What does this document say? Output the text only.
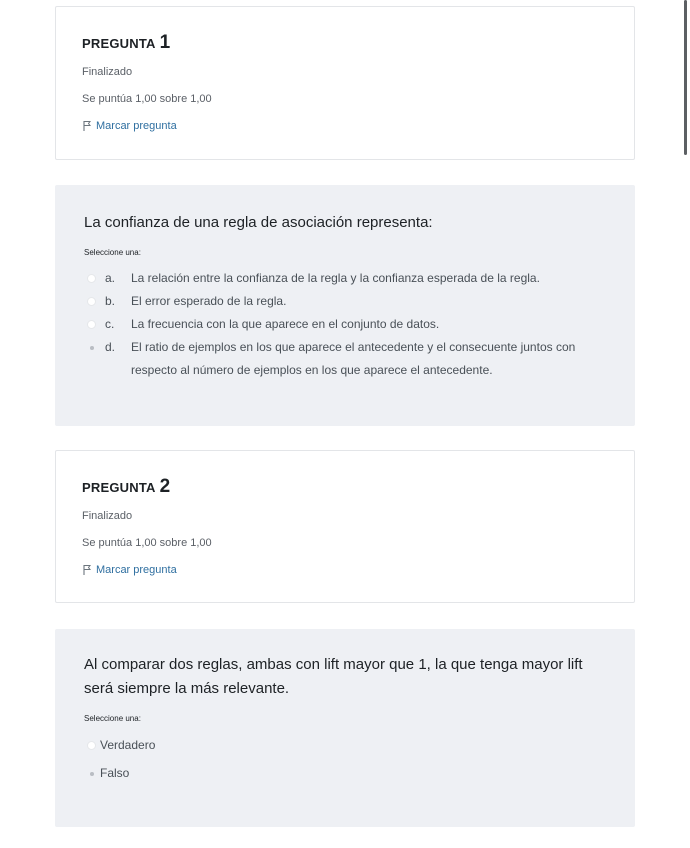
PREGUNTA 1
Finalizado
Se puntúa 1,00 sobre 1,00
Marcar pregunta
La confianza de una regla de asociación representa:
Seleccione una:
a.	La relación entre la confianza de la regla y la confianza esperada de la regla.
b.	El error esperado de la regla.
c.	La frecuencia con la que aparece en el conjunto de datos.
d.	El ratio de ejemplos en los que aparece el antecedente y el consecuente juntos con respecto al número de ejemplos en los que aparece el antecedente.
PREGUNTA 2
Finalizado
Se puntúa 1,00 sobre 1,00
Marcar pregunta
Al comparar dos reglas, ambas con lift mayor que 1, la que tenga mayor lift será siempre la más relevante.
Seleccione una:
Verdadero
Falso
